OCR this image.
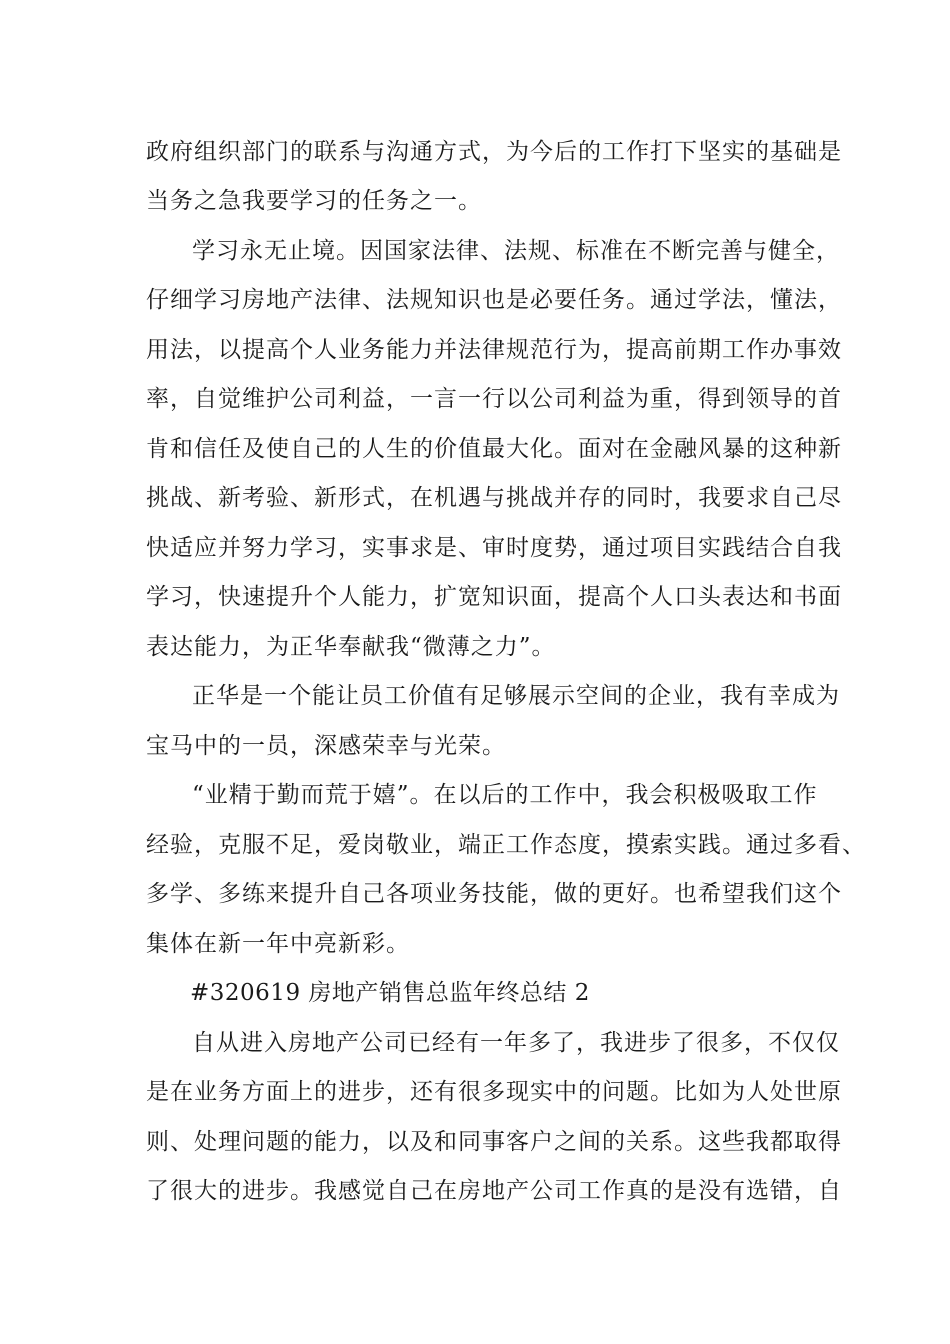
政府组织部门的联系与沟通方式，为今后的工作打下坚实的基础是
当务之急我要学习的任务之一。
学习永无止境。因国家法律、法规、标准在不断完善与健全，
仔细学习房地产法律、法规知识也是必要任务。通过学法，懂法，
用法，以提高个人业务能力并法律规范行为，提高前期工作办事效
率，自觉维护公司利益，一言一行以公司利益为重，得到领导的首
肯和信任及使自己的人生的价值最大化。面对在金融风暴的这种新
挑战、新考验、新形式，在机遇与挑战并存的同时，我要求自己尽
快适应并努力学习，实事求是、审时度势，通过项目实践结合自我
学习，快速提升个人能力，扩宽知识面，提高个人口头表达和书面
表达能力，为正华奉献我“微薄之力”。
正华是一个能让员工价值有足够展示空间的企业，我有幸成为
宝马中的一员，深感荣幸与光荣。
“业精于勤而荒于嬉”。在以后的工作中，我会积极吸取工作
经验，克服不足，爱岗敬业，端正工作态度，摸索实践。通过多看、
多学、多练来提升自己各项业务技能，做的更好。也希望我们这个
集体在新一年中亮新彩。
#320619 房地产销售总监年终总结 2
自从进入房地产公司已经有一年多了，我进步了很多，不仅仅
是在业务方面上的进步，还有很多现实中的问题。比如为人处世原
则、处理问题的能力，以及和同事客户之间的关系。这些我都取得
了很大的进步。我感觉自己在房地产公司工作真的是没有选错，自
